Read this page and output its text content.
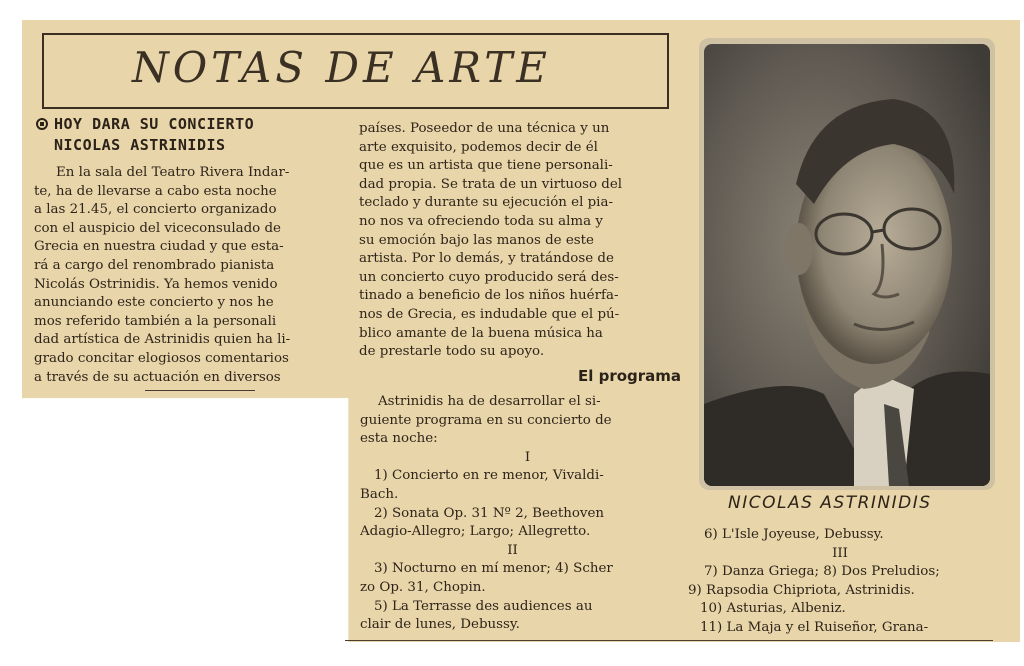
NOTAS DE ARTE
HOY DARA SU CONCIERTO
NICOLAS ASTRINIDIS
En la sala del Teatro Rivera Indar-
te, ha de llevarse a cabo esta noche
a las 21.45, el concierto organizado
con el auspicio del viceconsulado de
Grecia en nuestra ciudad y que esta-
rá a cargo del renombrado pianista
Nicolás Ostrinidis. Ya hemos venido
anunciando este concierto y nos he
mos referido también a la personali
dad artística de Astrinidis quien ha li-
grado concitar elogiosos comentarios
a través de su actuación en diversos
países. Poseedor de una técnica y un
arte exquisito, podemos decir de él
que es un artista que tiene personali-
dad propia. Se trata de un virtuoso del
teclado y durante su ejecución el pia-
no nos va ofreciendo toda su alma y
su emoción bajo las manos de este
artista. Por lo demás, y tratándose de
un concierto cuyo producido será des-
tinado a beneficio de los niños huérfa-
nos de Grecia, es indudable que el pú-
blico amante de la buena música ha
de prestarle todo su apoyo.
El programa
Astrinidis ha de desarrollar el si-
guiente programa en su concierto de
esta noche:
I
1) Concierto en re menor, Vivaldi-
Bach.
2) Sonata Op. 31 Nº 2, Beethoven
Adagio-Allegro; Largo; Allegretto.
II
3) Nocturno en mí menor; 4) Scher
zo Op. 31, Chopin.
5) La Terrasse des audiences au
clair de lunes, Debussy.
6) L'Isle Joyeuse, Debussy.
III
7) Danza Griega; 8) Dos Preludios;
9) Rapsodia Chipriota, Astrinidis.
10) Asturias, Albeniz.
11) La Maja y el Ruiseñor, Grana-
NICOLAS ASTRINIDIS
